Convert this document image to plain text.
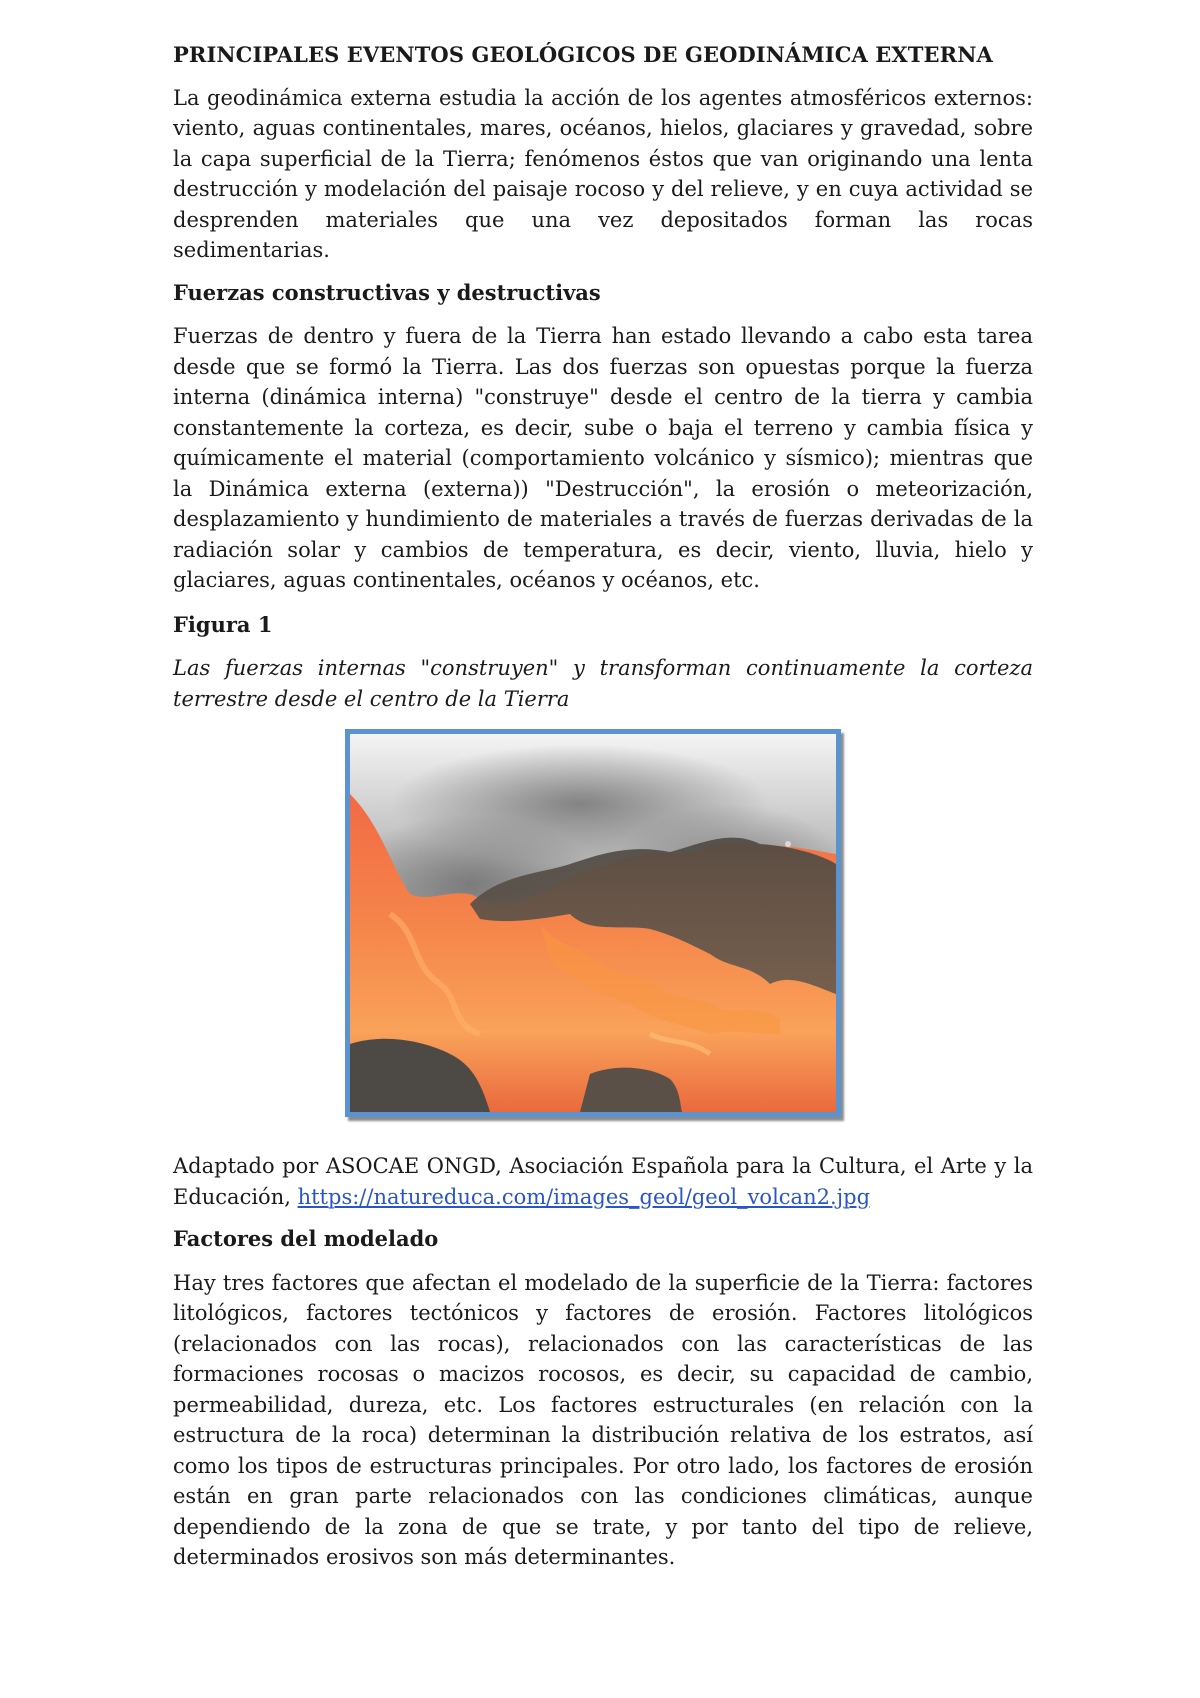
PRINCIPALES EVENTOS GEOLÓGICOS DE GEODINÁMICA EXTERNA

La geodinámica externa estudia la acción de los agentes atmosféricos externos: viento, aguas continentales, mares, océanos, hielos, glaciares y gravedad, sobre la capa superficial de la Tierra; fenómenos éstos que van originando una lenta destrucción y modelación del paisaje rocoso y del relieve, y en cuya actividad se desprenden materiales que una vez depositados forman las rocas sedimentarias.

Fuerzas constructivas y destructivas

Fuerzas de dentro y fuera de la Tierra han estado llevando a cabo esta tarea desde que se formó la Tierra. Las dos fuerzas son opuestas porque la fuerza interna (dinámica interna) "construye" desde el centro de la tierra y cambia constantemente la corteza, es decir, sube o baja el terreno y cambia física y químicamente el material (comportamiento volcánico y sísmico); mientras que la Dinámica externa (externa)) "Destrucción", la erosión o meteorización, desplazamiento y hundimiento de materiales a través de fuerzas derivadas de la radiación solar y cambios de temperatura, es decir, viento, lluvia, hielo y glaciares, aguas continentales, océanos y océanos, etc.

Figura 1

Las fuerzas internas "construyen" y transforman continuamente la corteza terrestre desde el centro de la Tierra

Adaptado por ASOCAE ONGD, Asociación Española para la Cultura, el Arte y la Educación, https://natureduca.com/images_geol/geol_volcan2.jpg

Factores del modelado

Hay tres factores que afectan el modelado de la superficie de la Tierra: factores litológicos, factores tectónicos y factores de erosión. Factores litológicos (relacionados con las rocas), relacionados con las características de las formaciones rocosas o macizos rocosos, es decir, su capacidad de cambio, permeabilidad, dureza, etc. Los factores estructurales (en relación con la estructura de la roca) determinan la distribución relativa de los estratos, así como los tipos de estructuras principales. Por otro lado, los factores de erosión están en gran parte relacionados con las condiciones climáticas, aunque dependiendo de la zona de que se trate, y por tanto del tipo de relieve, determinados erosivos son más determinantes.
